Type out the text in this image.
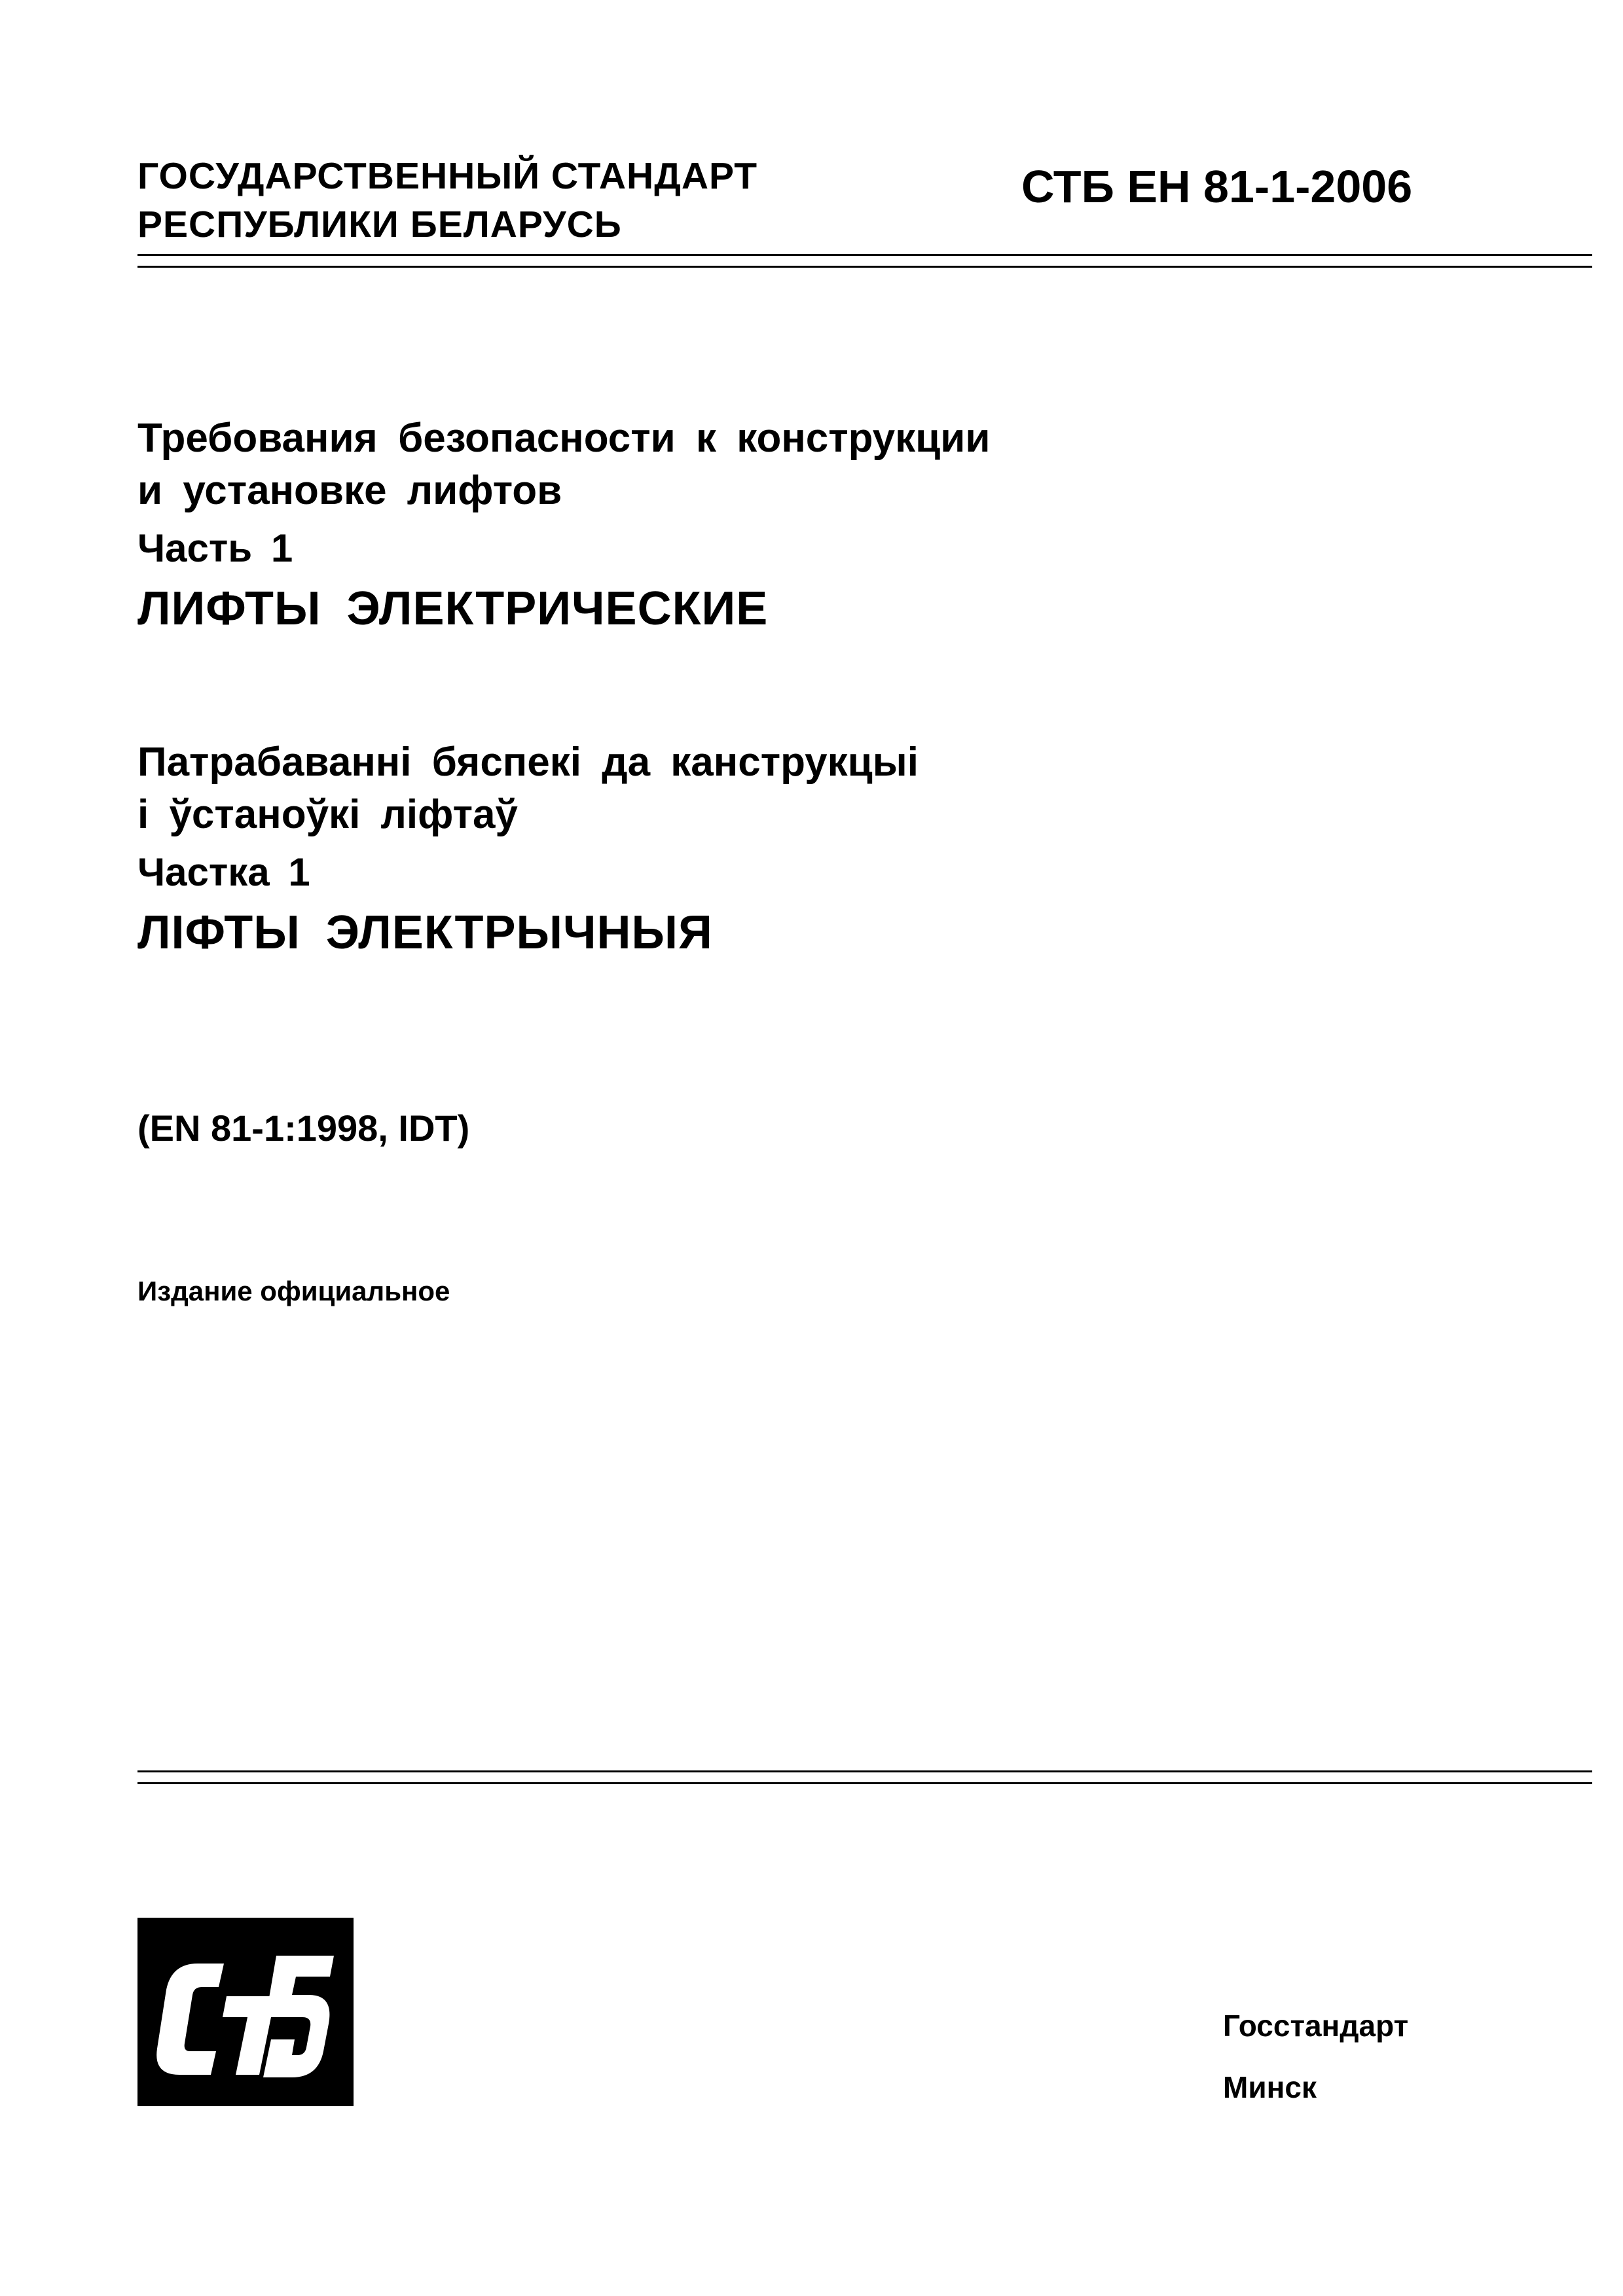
ГОСУДАРСТВЕННЫЙ СТАНДАРТ
РЕСПУБЛИКИ БЕЛАРУСЬ
СТБ ЕН 81-1-2006
Требования безопасности к конструкции
и установке лифтов
Часть 1
ЛИФТЫ ЭЛЕКТРИЧЕСКИЕ
Патрабаванні бяспекі да канструкцыі
і ўстаноўкі ліфтаў
Частка 1
ЛІФТЫ ЭЛЕКТРЫЧНЫЯ
(EN 81-1:1998, IDT)
Издание официальное
Госстандарт
Минск
